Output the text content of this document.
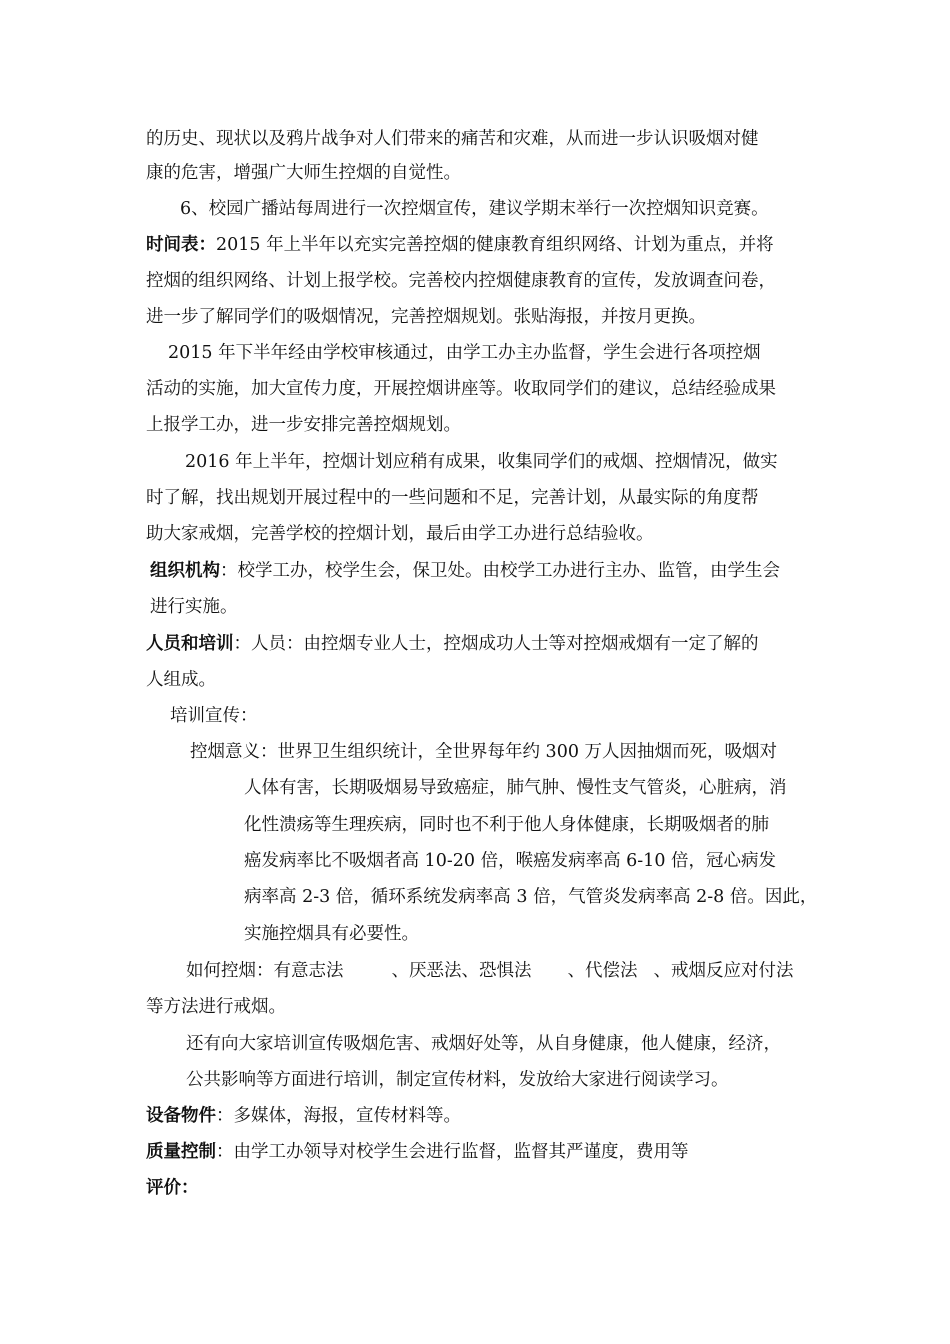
的历史、现状以及鸦片战争对人们带来的痛苦和灾难，从而进一步认识吸烟对健
康的危害，增强广大师生控烟的自觉性。
6、校园广播站每周进行一次控烟宣传，建议学期末举行一次控烟知识竞赛。
时间表：2015 年上半年以充实完善控烟的健康教育组织网络、计划为重点，并将
控烟的组织网络、计划上报学校。完善校内控烟健康教育的宣传，发放调查问卷，
进一步了解同学们的吸烟情况，完善控烟规划。张贴海报，并按月更换。
2015 年下半年经由学校审核通过，由学工办主办监督，学生会进行各项控烟
活动的实施，加大宣传力度，开展控烟讲座等。收取同学们的建议，总结经验成果
上报学工办，进一步安排完善控烟规划。
2016 年上半年，控烟计划应稍有成果，收集同学们的戒烟、控烟情况，做实
时了解，找出规划开展过程中的一些问题和不足，完善计划，从最实际的角度帮
助大家戒烟，完善学校的控烟计划，最后由学工办进行总结验收。
组织机构：校学工办，校学生会，保卫处。由校学工办进行主办、监管，由学生会
进行实施。
人员和培训：人员：由控烟专业人士，控烟成功人士等对控烟戒烟有一定了解的
人组成。
培训宣传：
控烟意义：世界卫生组织统计，全世界每年约 300 万人因抽烟而死，吸烟对
人体有害，长期吸烟易导致癌症，肺气肿、慢性支气管炎，心脏病，消
化性溃疡等生理疾病，同时也不利于他人身体健康，长期吸烟者的肺
癌发病率比不吸烟者高 10-20 倍，喉癌发病率高 6-10 倍，冠心病发
病率高 2-3 倍，循环系统发病率高 3 倍，气管炎发病率高 2-8 倍。因此，
实施控烟具有必要性。
如何控烟：有意志法	、厌恶法、恐惧法 、代偿法 、戒烟反应对付法
等方法进行戒烟。
还有向大家培训宣传吸烟危害、戒烟好处等，从自身健康，他人健康，经济，
公共影响等方面进行培训，制定宣传材料，发放给大家进行阅读学习。
设备物件：多媒体，海报，宣传材料等。
质量控制：由学工办领导对校学生会进行监督，监督其严谨度，费用等
评价：
